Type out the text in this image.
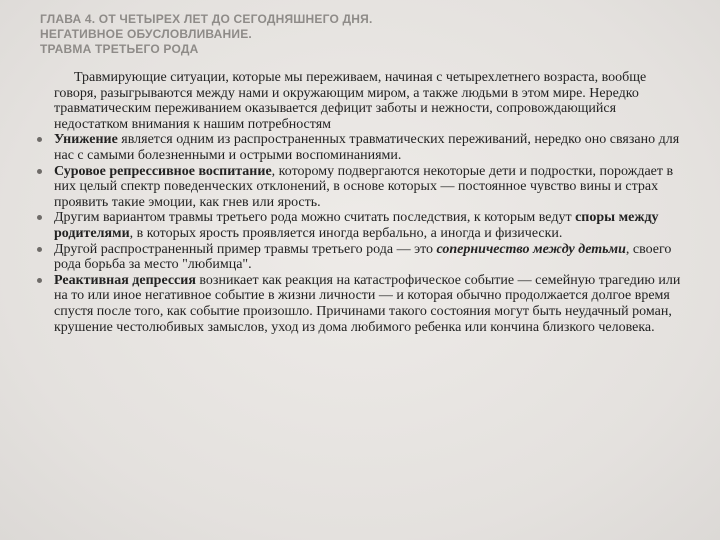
ГЛАВА 4. ОТ ЧЕТЫРЕХ ЛЕТ ДО СЕГОДНЯШНЕГО ДНЯ.
НЕГАТИВНОЕ ОБУСЛОВЛИВАНИЕ.
ТРАВМА ТРЕТЬЕГО РОДА

Травмирующие ситуации, которые мы переживаем, начиная с четырехлетнего возраста, вообще говоря, разыгрываются между нами и окружающим миром, а также людьми в этом мире. Нередко травматическим переживанием оказывается дефицит заботы и нежности, сопровождающийся недостатком внимания к нашим потребностям

Унижение является одним из распространенных травматических переживаний, нередко оно связано для нас с самыми болезненными и острыми воспоминаниями.
Суровое репрессивное воспитание, которому подвергаются некоторые дети и подростки, порождает в них целый спектр поведенческих отклонений, в основе которых — постоянное чувство вины и страх проявить такие эмоции, как гнев или ярость.
Другим вариантом травмы третьего рода можно считать последствия, к которым ведут споры между родителями, в которых ярость проявляется иногда вербально, а иногда и физически.
Другой распространенный пример травмы третьего рода — это соперничество между детьми, своего рода борьба за место "любимца".
Реактивная депрессия возникает как реакция на катастрофическое событие — семейную трагедию или на то или иное негативное событие в жизни личности — и которая обычно продолжается долгое время спустя после того, как событие произошло. Причинами такого состояния могут быть неудачный роман, крушение честолюбивых замыслов, уход из дома любимого ребенка или кончина близкого человека.
